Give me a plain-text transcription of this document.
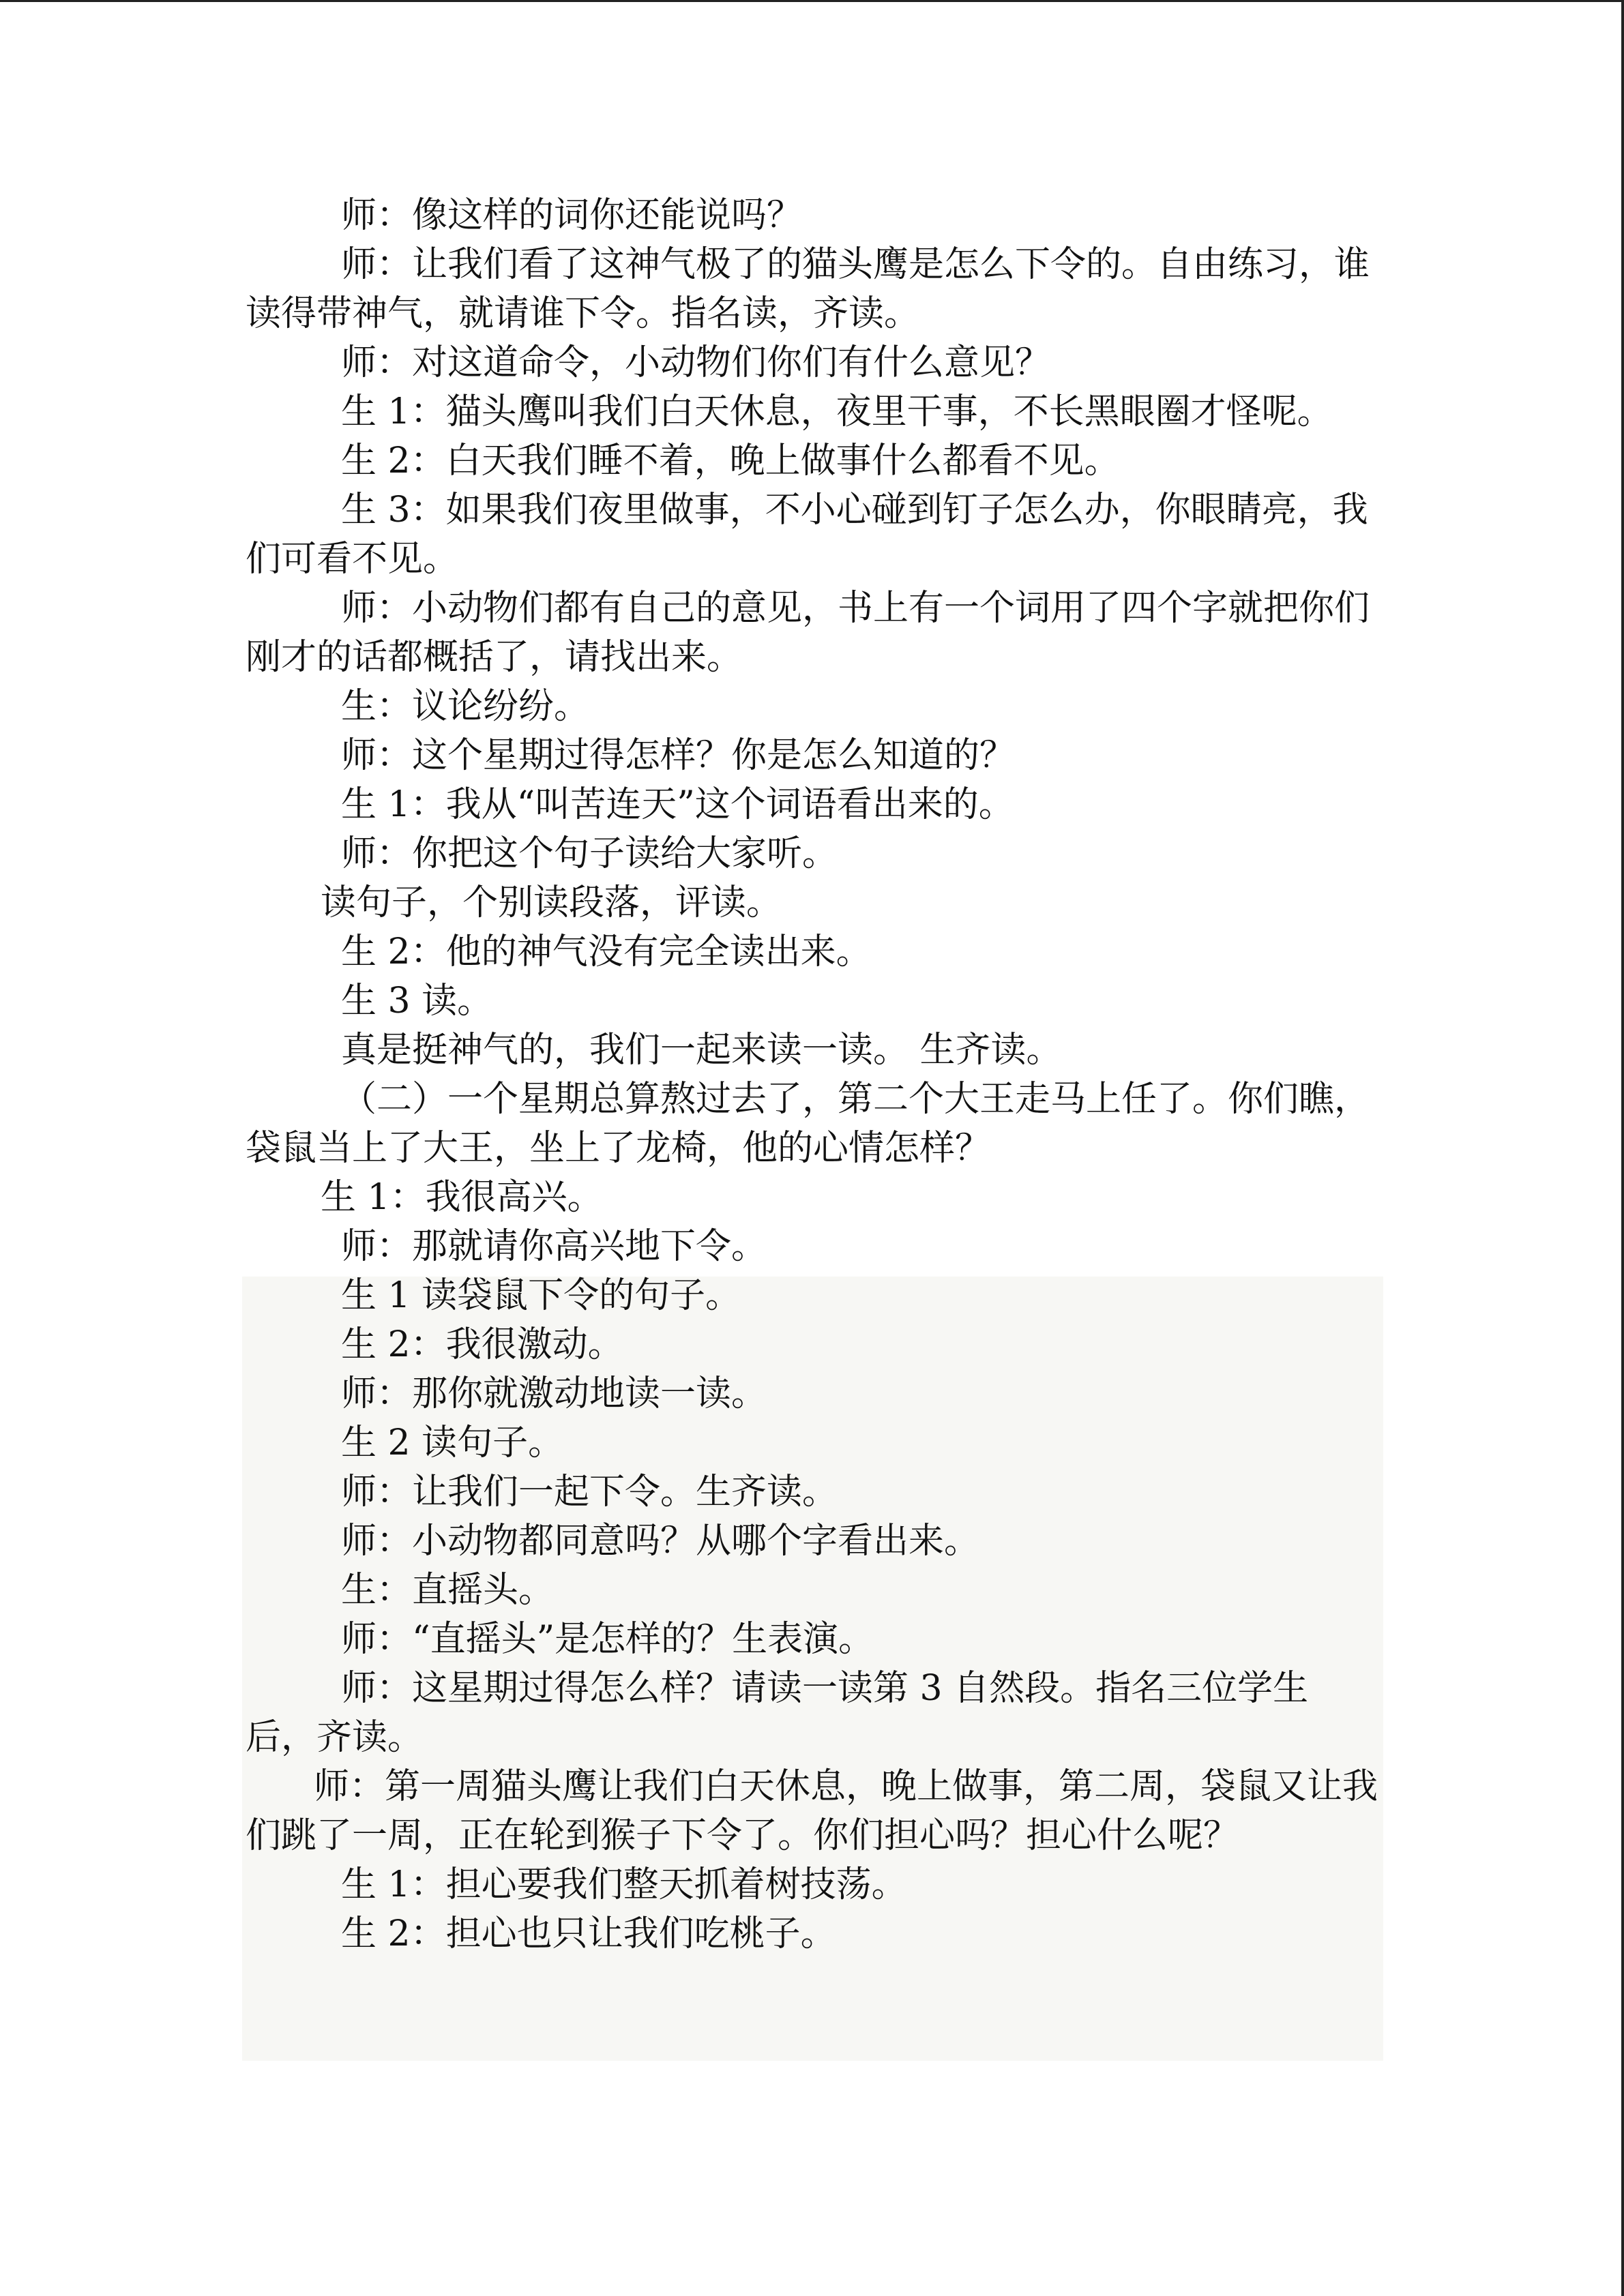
师：像这样的词你还能说吗？

师：让我们看了这神气极了的猫头鹰是怎么下令的。自由练习，谁读得带神气，就请谁下令。指名读，齐读。

师：对这道命令，小动物们你们有什么意见？

生 1：猫头鹰叫我们白天休息，夜里干事，不长黑眼圈才怪呢。

生 2：白天我们睡不着，晚上做事什么都看不见。

生 3：如果我们夜里做事，不小心碰到钉子怎么办，你眼睛亮，我们可看不见。

师：小动物们都有自己的意见，书上有一个词用了四个字就把你们刚才的话都概括了，请找出来。

生：议论纷纷。

师：这个星期过得怎样？你是怎么知道的？

生 1：我从“叫苦连天”这个词语看出来的。

师：你把这个句子读给大家听。

读句子，个别读段落，评读。

生 2：他的神气没有完全读出来。

生 3 读。

真是挺神气的，我们一起来读一读。 生齐读。

（二）一个星期总算熬过去了，第二个大王走马上任了。你们瞧，袋鼠当上了大王，坐上了龙椅，他的心情怎样？

生 1：我很高兴。

师：那就请你高兴地下令。

生 1 读袋鼠下令的句子。

生 2：我很激动。

师：那你就激动地读一读。

生 2 读句子。

师：让我们一起下令。生齐读。

师：小动物都同意吗？从哪个字看出来。

生：直摇头。

师：“直摇头”是怎样的？生表演。

师：这星期过得怎么样？请读一读第 3 自然段。指名三位学生后，齐读。

师：第一周猫头鹰让我们白天休息，晚上做事，第二周，袋鼠又让我们跳了一周，正在轮到猴子下令了。你们担心吗？担心什么呢？

生 1：担心要我们整天抓着树技荡。

生 2：担心也只让我们吃桃子。
